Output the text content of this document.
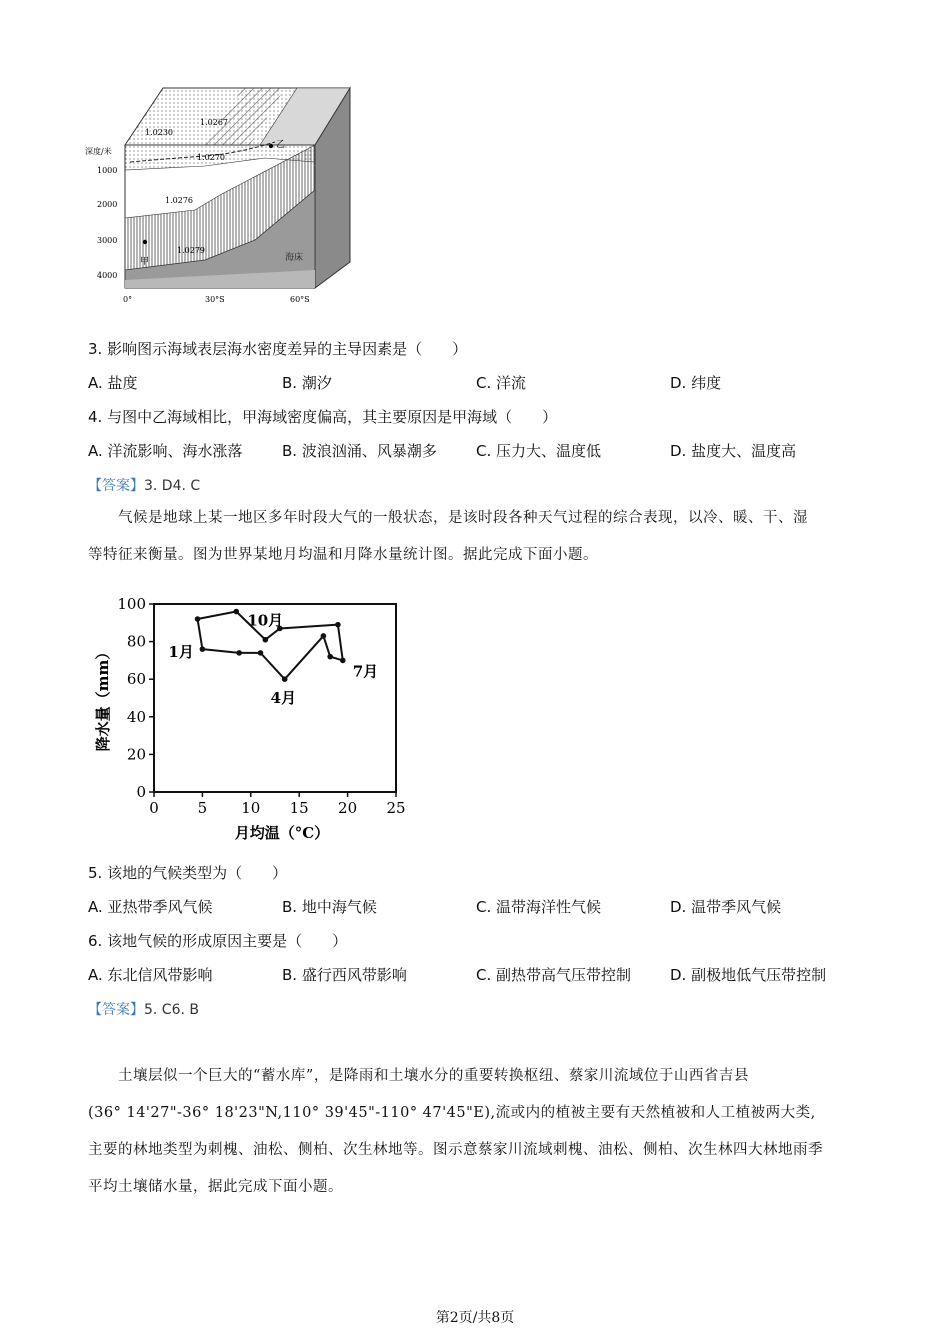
1.0230
1.0267
1.0270
1.0276
1.0279
乙
甲	海床
深度/米
1000
2000
3000
4000
0°	30°S	60°S
3. 影响图示海域表层海水密度差异的主导因素是（　　）
A. 盐度	B. 潮汐	C. 洋流	D. 纬度
4. 与图中乙海域相比，甲海域密度偏高，其主要原因是甲海域（　　）
A. 洋流影响、海水涨落	B. 波浪汹涌、风暴潮多	C. 压力大、温度低	D. 盐度大、温度高
【答案】3. D4. C
气候是地球上某一地区多年时段大气的一般状态，是该时段各种天气过程的综合表现，以冷、暖、干、湿
等特征来衡量。图为世界某地月均温和月降水量统计图。据此完成下面小题。
0	5 10 15 20 25
0
20
40
60
80
100
1月
4月
7月
10月
月均温（°C）
降水量（mm）
5. 该地的气候类型为（　　）
A. 亚热带季风气候	B. 地中海气候	C. 温带海洋性气候	D. 温带季风气候
6. 该地气候的形成原因主要是（　　）
A. 东北信风带影响	B. 盛行西风带影响	C. 副热带高气压带控制	D. 副极地低气压带控制
【答案】5. C6. B
土壤层似一个巨大的“蓄水库”，是降雨和土壤水分的重要转换枢纽、蔡家川流域位于山西省吉县
(36° 14'27"-36° 18'23"N,110° 39'45"-110° 47'45"E),流或内的植被主要有天然植被和人工植被两大类,
主要的林地类型为刺槐、油松、侧柏、次生林地等。图示意蔡家川流域刺槐、油松、侧柏、次生林四大林地雨季
平均土壤储水量，据此完成下面小题。
第2页/共8页
